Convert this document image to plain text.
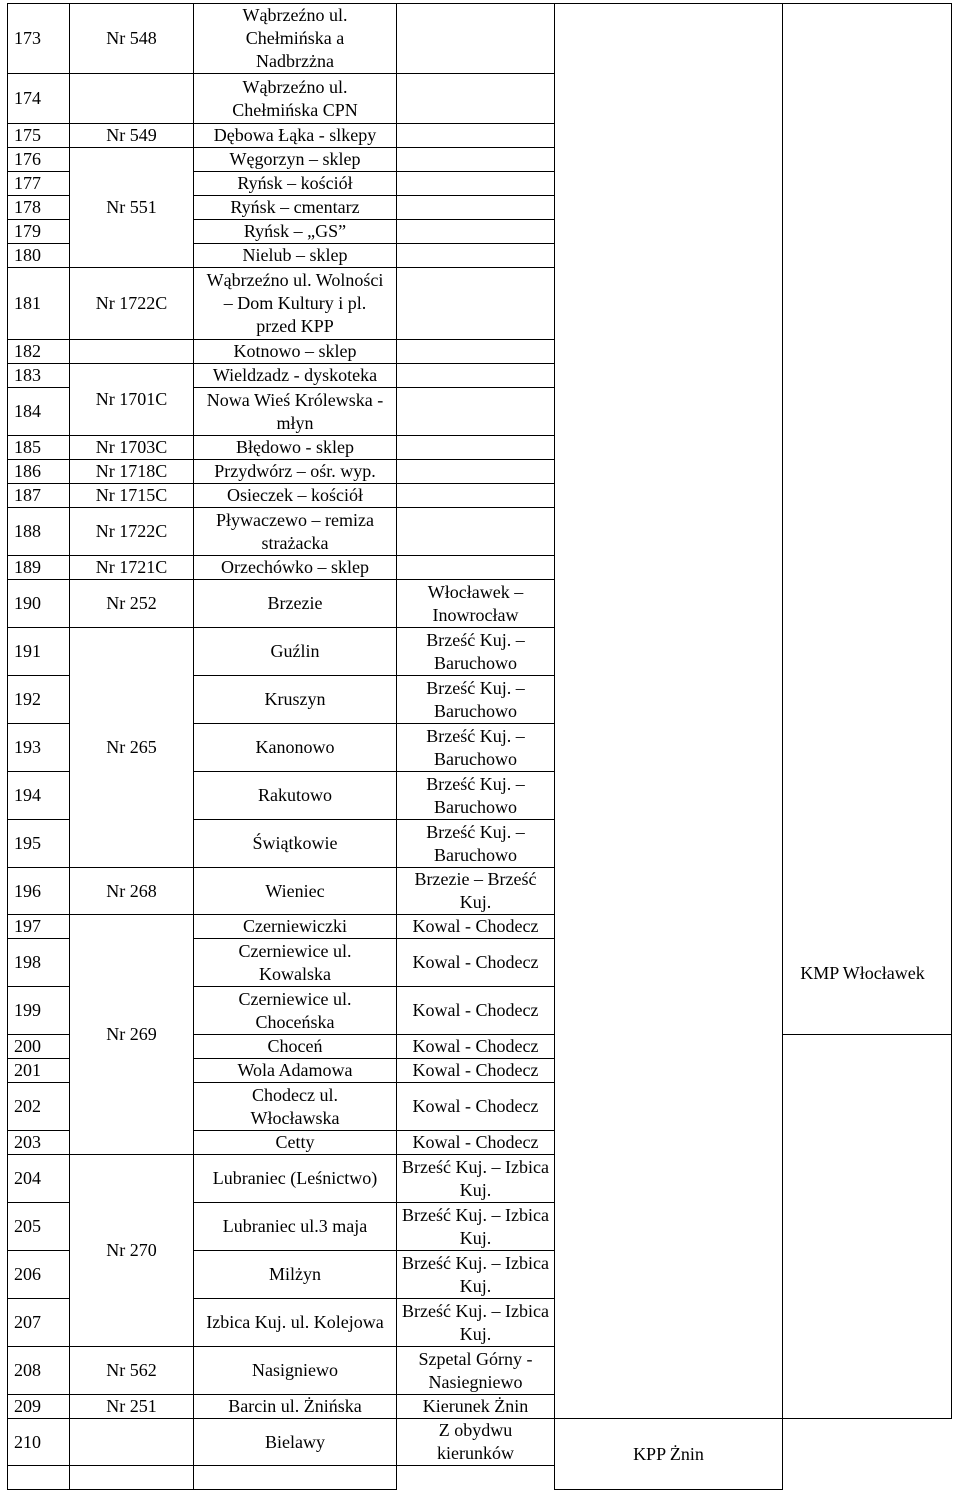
173	Nr 548	Wąbrzeźno ul.
Chełmińska a
Nadbrzżna			
174		Wąbrzeźno ul.
Chełmińska CPN			
175	Nr 549	Dębowa Łąka - slkepy			
176	Nr 551	Węgorzyn – sklep			
177		Ryńsk – kościół			
178		Ryńsk – cmentarz			
179		Ryńsk – „GS”			
180		Nielub – sklep			
181	Nr 1722C	Wąbrzeźno ul. Wolności
– Dom Kultury i pl.
przed KPP			
182		Kotnowo – sklep			
183	Nr 1701C	Wieldzadz - dyskoteka			
184		Nowa Wieś Królewska -
młyn			
185	Nr 1703C	Błędowo - sklep			
186	Nr 1718C	Przydwórz – ośr. wyp.			
187	Nr 1715C	Osieczek – kościół			
188	Nr 1722C	Pływaczewo – remiza
strażacka			
189	Nr 1721C	Orzechówko – sklep			
190	Nr 252	Brzezie	Włocławek –
Inowrocław		
191	Nr 265	Guźlin	Brześć Kuj. –
Baruchowo		
192		Kruszyn	Brześć Kuj. –
Baruchowo		
193		Kanonowo	Brześć Kuj. –
Baruchowo		
194		Rakutowo	Brześć Kuj. –
Baruchowo		
195		Świątkowie	Brześć Kuj. –
Baruchowo		
196	Nr 268	Wieniec	Brzezie – Brześć Kuj.		
197	Nr 269	Czerniewiczki	Kowal - Chodecz		
198		Czerniewice ul.
Kowalska	Kowal - Chodecz		
199		Czerniewice ul.
Choceńska	Kowal - Chodecz		
200		Choceń	Kowal - Chodecz		
201		Wola Adamowa	Kowal - Chodecz		
202		Chodecz ul.
Włocławska	Kowal - Chodecz		
203		Cetty	Kowal - Chodecz		
204	Nr 270	Lubraniec (Leśnictwo)	Brześć Kuj. – Izbica
Kuj.		
205		Lubraniec ul.3 maja	Brześć Kuj. – Izbica
Kuj.		
206		Milżyn	Brześć Kuj. – Izbica
Kuj.		
207		Izbica Kuj. ul. Kolejowa	Brześć Kuj. – Izbica
Kuj.		
208	Nr 562	Nasigniewo	Szpetal Górny -
Nasiegniewo		
209	Nr 251	Barcin ul. Żnińska	Kierunek Żnin		
210		Bielawy	Z obydwu kierunków	KPP Żnin	

KMP Włocławek
